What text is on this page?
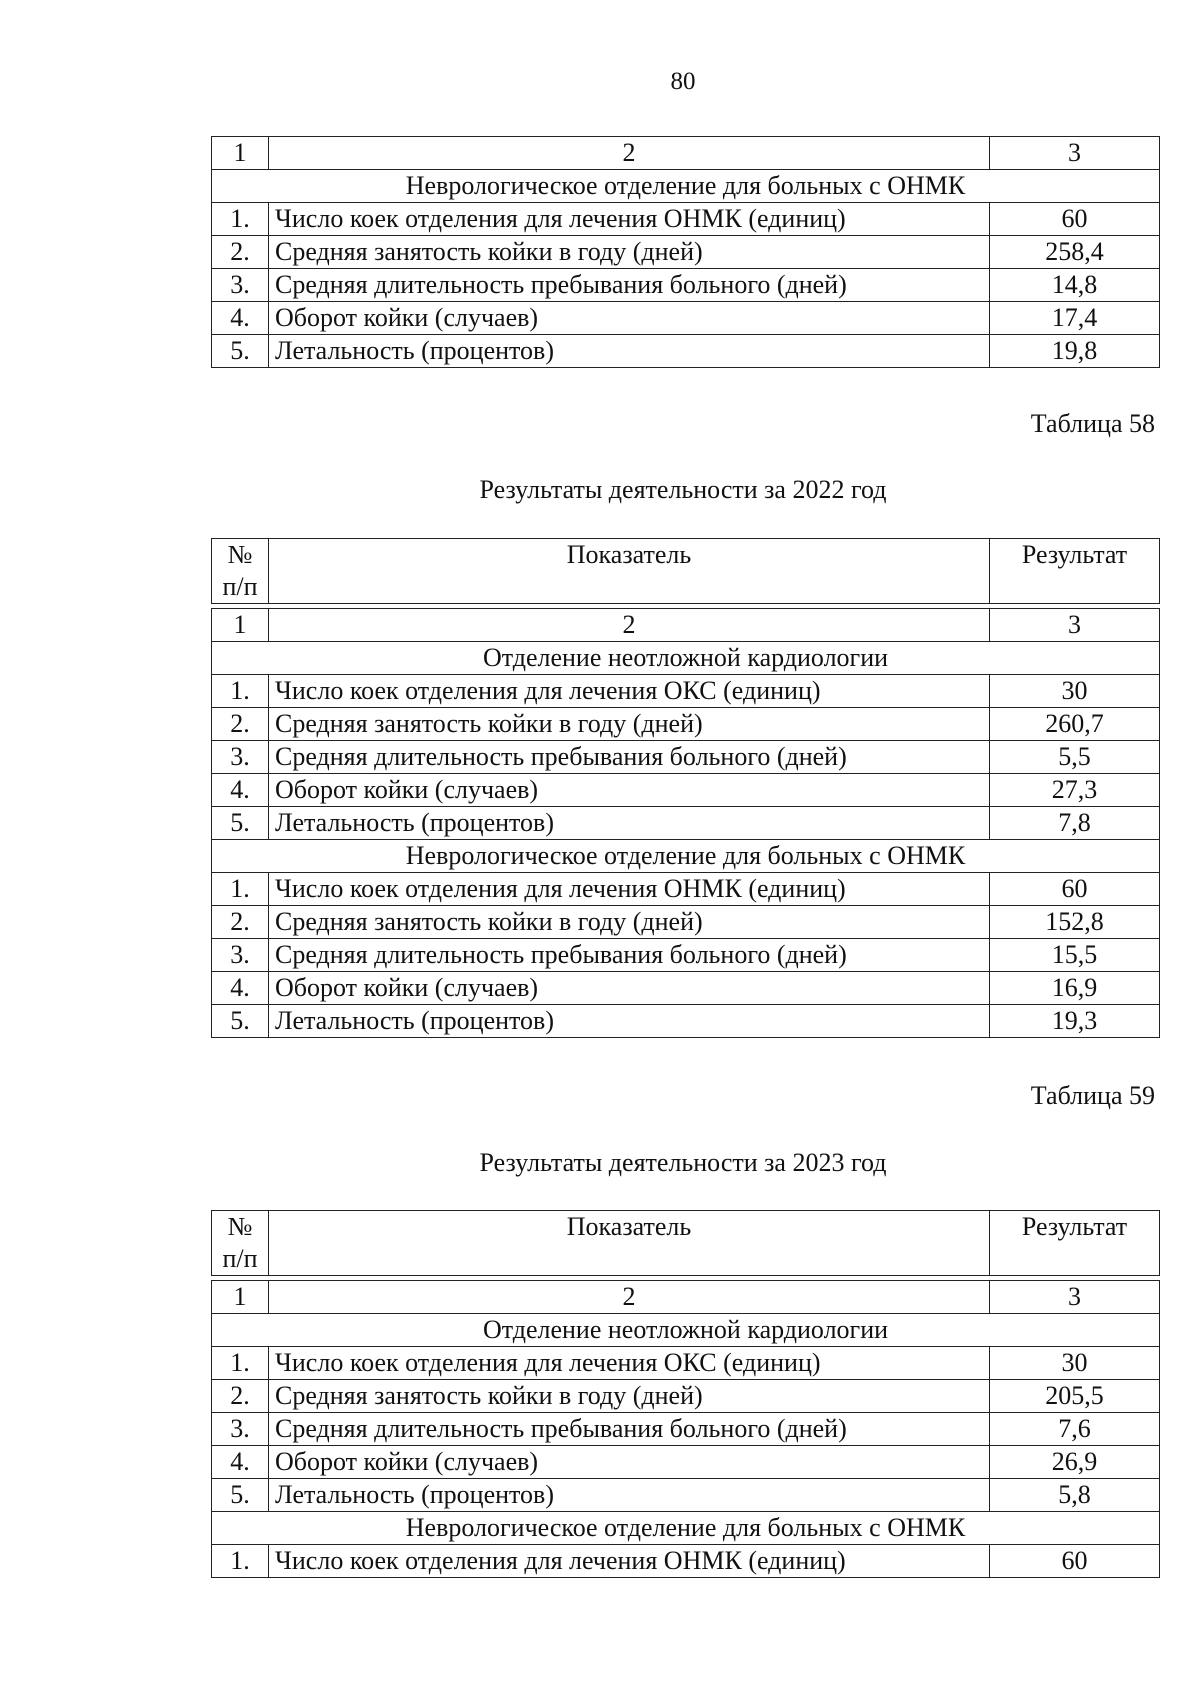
80
1	2	3
Неврологическое отделение для больных с ОНМК		
1.	Число коек отделения для лечения ОНМК (единиц)	60
2.	Средняя занятость койки в году (дней)	258,4
3.	Средняя длительность пребывания больного (дней)	14,8
4.	Оборот койки (случаев)	17,4
5.	Летальность (процентов)	19,8
Таблица 58
Результаты деятельности за 2022 год
№
п/п	Показатель	Результат

1	2	3
Отделение неотложной кардиологии		
1.	Число коек отделения для лечения ОКС (единиц)	30
2.	Средняя занятость койки в году (дней)	260,7
3.	Средняя длительность пребывания больного (дней)	5,5
4.	Оборот койки (случаев)	27,3
5.	Летальность (процентов)	7,8
Неврологическое отделение для больных с ОНМК		
1.	Число коек отделения для лечения ОНМК (единиц)	60
2.	Средняя занятость койки в году (дней)	152,8
3.	Средняя длительность пребывания больного (дней)	15,5
4.	Оборот койки (случаев)	16,9
5.	Летальность (процентов)	19,3
Таблица 59
Результаты деятельности за 2023 год
№
п/п	Показатель	Результат

1	2	3
Отделение неотложной кардиологии		
1.	Число коек отделения для лечения ОКС (единиц)	30
2.	Средняя занятость койки в году (дней)	205,5
3.	Средняя длительность пребывания больного (дней)	7,6
4.	Оборот койки (случаев)	26,9
5.	Летальность (процентов)	5,8
Неврологическое отделение для больных с ОНМК		
1.	Число коек отделения для лечения ОНМК (единиц)	60
